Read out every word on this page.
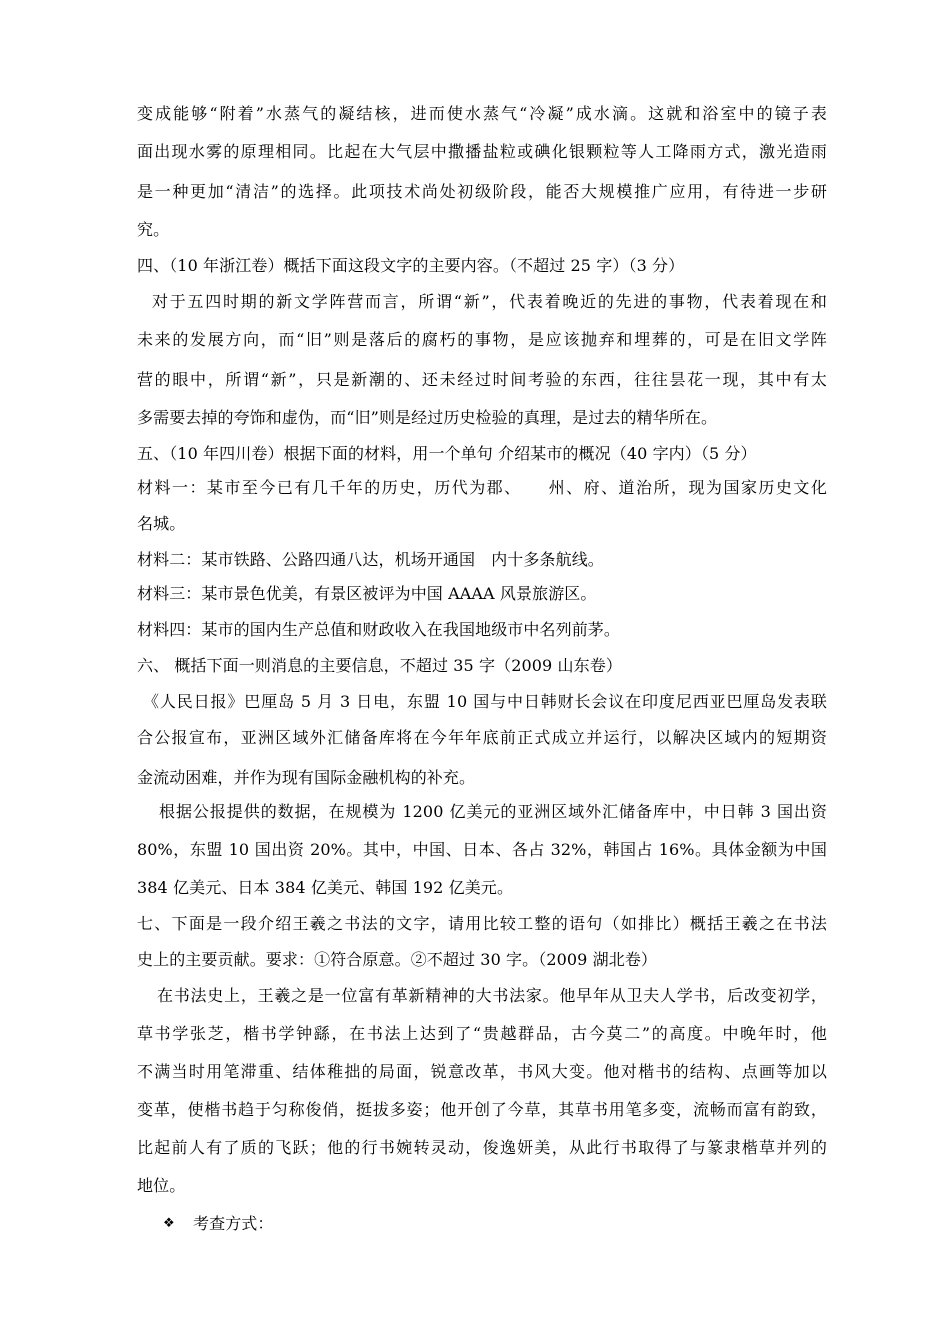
变成能够“附着”水蒸气的凝结核，进而使水蒸气“冷凝”成水滴。这就和浴室中的镜子表
面出现水雾的原理相同。比起在大气层中撒播盐粒或碘化银颗粒等人工降雨方式，激光造雨
是一种更加“清洁”的选择。此项技术尚处初级阶段，能否大规模推广应用，有待进一步研
究。
四、（10 年浙江卷）概括下面这段文字的主要内容。（不超过 25 字）（3 分）
对于五四时期的新文学阵营而言，所谓“新”，代表着晚近的先进的事物，代表着现在和
未来的发展方向，而“旧”则是落后的腐朽的事物，是应该抛弃和埋葬的，可是在旧文学阵
营的眼中，所谓“新”，只是新潮的、还未经过时间考验的东西，往往昙花一现，其中有太
多需要去掉的夸饰和虚伪，而“旧”则是经过历史检验的真理，是过去的精华所在。
五、（10 年四川卷）根据下面的材料，用一个单句 介绍某市的概况（40 字内）（5 分）
材料一：某市至今已有几千年的历史，历代为郡、　　州、府、道治所，现为国家历史文化
名城。
材料二：某市铁路、公路四通八达，机场开通国　内十多条航线。
材料三：某市景色优美，有景区被评为中国 AAAA 风景旅游区。
材料四：某市的国内生产总值和财政收入在我国地级市中名列前茅。
六、 概括下面一则消息的主要信息，不超过 35 字（2009 山东卷）
《人民日报》巴厘岛 5 月 3 日电，东盟 10 国与中日韩财长会议在印度尼西亚巴厘岛发表联
合公报宣布，亚洲区域外汇储备库将在今年年底前正式成立并运行，以解决区域内的短期资
金流动困难，并作为现有国际金融机构的补充。
根据公报提供的数据，在规模为 1200 亿美元的亚洲区域外汇储备库中，中日韩 3 国出资
80%，东盟 10 国出资 20%。其中，中国、日本、各占 32%，韩国占 16%。具体金额为中国
384 亿美元、日本 384 亿美元、韩国 192 亿美元。
七、下面是一段介绍王羲之书法的文字，请用比较工整的语句（如排比）概括王羲之在书法
史上的主要贡献。要求：①符合原意。②不超过 30 字。（2009 湖北卷）
在书法史上，王羲之是一位富有革新精神的大书法家。他早年从卫夫人学书，后改变初学，
草书学张芝，楷书学钟繇，在书法上达到了“贵越群品，古今莫二”的高度。中晚年时，他
不满当时用笔滞重、结体稚拙的局面，锐意改革，书风大变。他对楷书的结构、点画等加以
变革，使楷书趋于匀称俊俏，挺拔多姿；他开创了今草，其草书用笔多变，流畅而富有韵致，
比起前人有了质的飞跃；他的行书婉转灵动，俊逸妍美，从此行书取得了与篆隶楷草并列的
地位。
❖ 考查方式：
